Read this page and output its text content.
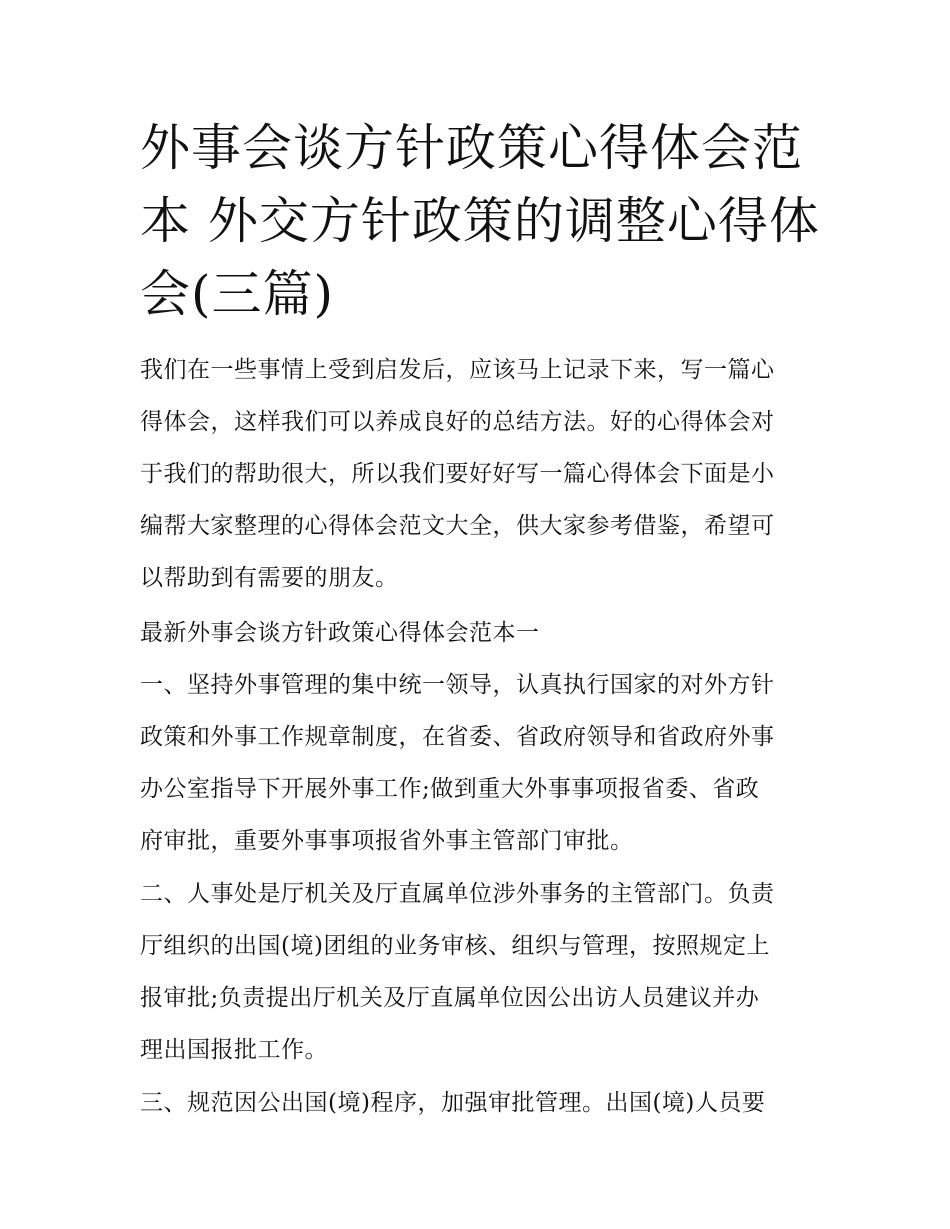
外事会谈方针政策心得体会范
本 外交方针政策的调整心得体
会(三篇)
我们在一些事情上受到启发后，应该马上记录下来，写一篇心
得体会，这样我们可以养成良好的总结方法。好的心得体会对
于我们的帮助很大，所以我们要好好写一篇心得体会下面是小
编帮大家整理的心得体会范文大全，供大家参考借鉴，希望可
以帮助到有需要的朋友。
最新外事会谈方针政策心得体会范本一
一、坚持外事管理的集中统一领导，认真执行国家的对外方针
政策和外事工作规章制度，在省委、省政府领导和省政府外事
办公室指导下开展外事工作;做到重大外事事项报省委、省政
府审批，重要外事事项报省外事主管部门审批。
二、人事处是厅机关及厅直属单位涉外事务的主管部门。负责
厅组织的出国(境)团组的业务审核、组织与管理，按照规定上
报审批;负责提出厅机关及厅直属单位因公出访人员建议并办
理出国报批工作。
三、规范因公出国(境)程序，加强审批管理。出国(境)人员要
